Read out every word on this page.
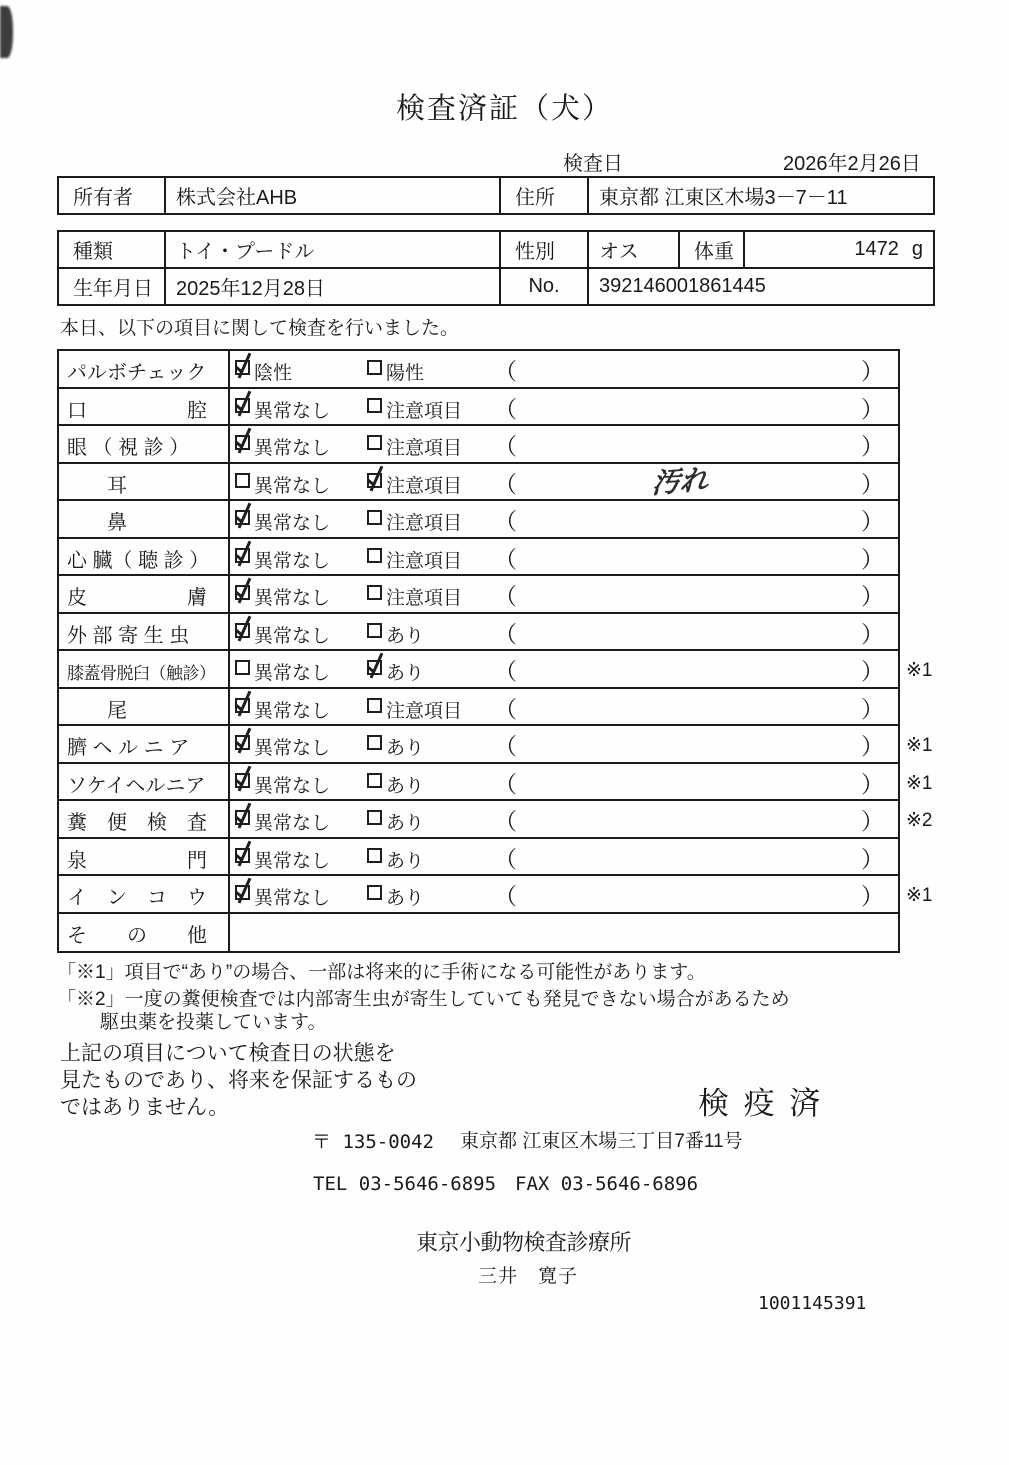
検査済証（犬）
検査日	2026年2月26日
所有者	株式会社AHB	住所	東京都 江東区木場3－7－11
種類	トイ・プードル	性別	オス	体重	1472 g
生年月日	2025年12月28日	No.	392146001861445
本日、以下の項目に関して検査を行いました。
パルボチェック	陰性	陽性	（	）
口　　　　　腔	異常なし	注意項目 （	）
眼 （ 視 診 ）	異常なし	注意項目 （	）
　　耳	異常なし	注意項目 （	汚れ	）
　　鼻	異常なし	注意項目 （	）
心 臓（ 聴 診 ）	異常なし	注意項目 （	）
皮　　　　　膚	異常なし	注意項目 （	）
外 部 寄 生 虫	異常なし	あり	（	）
膝蓋骨脱臼（触診）	異常なし	あり	（	） ※1
　　尾	異常なし	注意項目 （	）
臍 ヘ ル ニ ア	異常なし	あり	（	） ※1
ソケイヘルニア	異常なし	あり	（	） ※1
糞　便　検　査	異常なし	あり	（	） ※2
泉　　　　　門	異常なし	あり	（	）
イ　ン　コ　ウ	異常なし	あり	（	） ※1
そ　　の　　他
「※1」項目で“あり”の場合、一部は将来的に手術になる可能性があります。
「※2」一度の糞便検査では内部寄生虫が寄生していても発見できない場合があるため
駆虫薬を投薬しています。
上記の項目について検査日の状態を
見たものであり、将来を保証するもの
ではありません。	検 疫 済
〒 135-0042 東京都 江東区木場三丁目7番11号
TEL 03-5646-6895　FAX 03-5646-6896
東京小動物検査診療所
三井　寛子
1001145391
